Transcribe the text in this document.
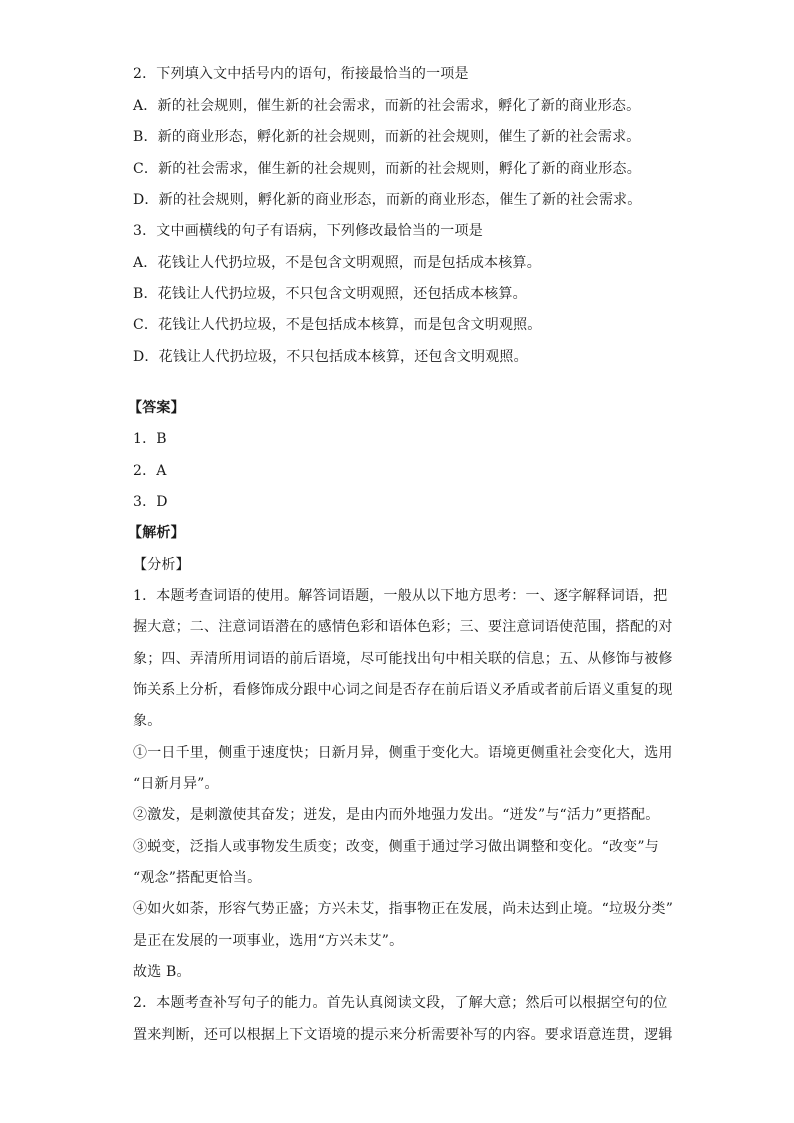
2．下列填入文中括号内的语句，衔接最恰当的一项是
A．新的社会规则，催生新的社会需求，而新的社会需求，孵化了新的商业形态。
B．新的商业形态，孵化新的社会规则，而新的社会规则，催生了新的社会需求。
C．新的社会需求，催生新的社会规则，而新的社会规则，孵化了新的商业形态。
D．新的社会规则，孵化新的商业形态，而新的商业形态，催生了新的社会需求。
3．文中画横线的句子有语病，下列修改最恰当的一项是
A．花钱让人代扔垃圾，不是包含文明观照，而是包括成本核算。
B．花钱让人代扔垃圾，不只包含文明观照，还包括成本核算。
C．花钱让人代扔垃圾，不是包括成本核算，而是包含文明观照。
D．花钱让人代扔垃圾，不只包括成本核算，还包含文明观照。
【答案】
1．B
2．A
3．D
【解析】
【分析】
1．本题考查词语的使用。解答词语题，一般从以下地方思考：一、逐字解释词语，把
握大意；二、注意词语潜在的感情色彩和语体色彩；三、要注意词语使范围，搭配的对
象；四、弄清所用词语的前后语境，尽可能找出句中相关联的信息；五、从修饰与被修
饰关系上分析，看修饰成分跟中心词之间是否存在前后语义矛盾或者前后语义重复的现
象。
①一日千里，侧重于速度快；日新月异，侧重于变化大。语境更侧重社会变化大，选用
“日新月异”。
②激发，是刺激使其奋发；迸发，是由内而外地强力发出。“迸发”与“活力”更搭配。
③蜕变，泛指人或事物发生质变；改变，侧重于通过学习做出调整和变化。“改变”与
“观念”搭配更恰当。
④如火如荼，形容气势正盛；方兴未艾，指事物正在发展，尚未达到止境。“垃圾分类”
是正在发展的一项事业，选用“方兴未艾”。
故选 B。
2．本题考查补写句子的能力。首先认真阅读文段，了解大意；然后可以根据空句的位
置来判断，还可以根据上下文语境的提示来分析需要补写的内容。要求语意连贯，逻辑
